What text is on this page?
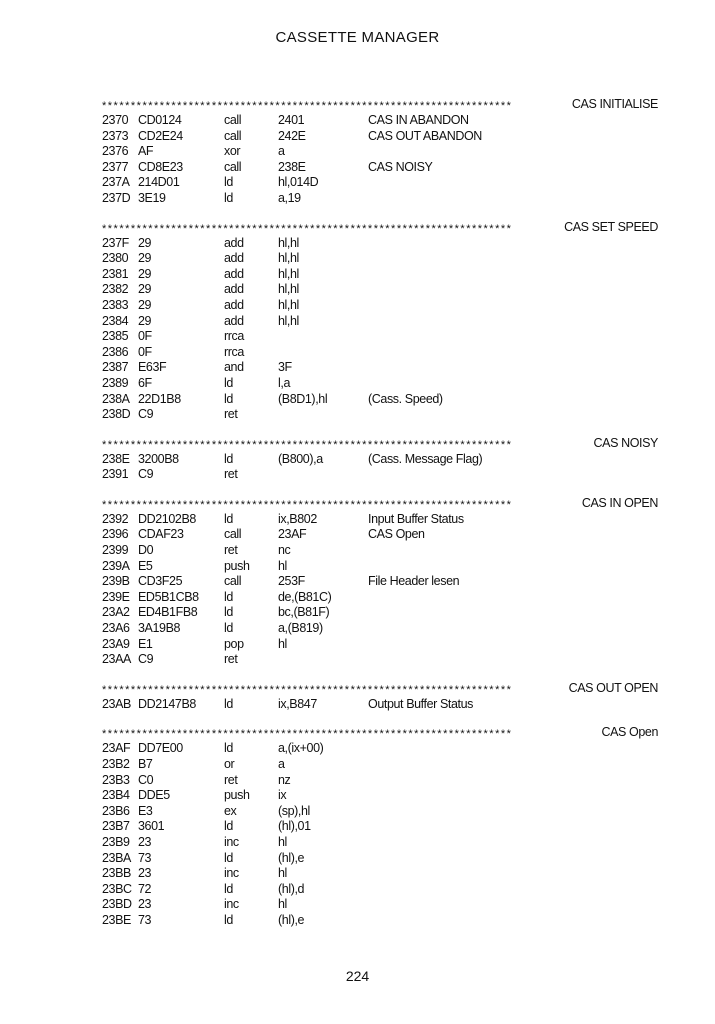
CASSETTE MANAGER
***********************************************************************	CAS INITIALISE
2370 CD0124	call	2401	CAS IN ABANDON
2373 CD2E24	call	242E	CAS OUT ABANDON
2376 AF	xor	a
2377 CD8E23	call	238E	CAS NOISY
237A 214D01	ld	hl,014D
237D 3E19	ld	a,19
***********************************************************************	CAS SET SPEED
237F 29	add	hl,hl
2380 29	add	hl,hl
2381 29	add	hl,hl
2382 29	add	hl,hl
2383 29	add	hl,hl
2384 29	add	hl,hl
2385 0F	rrca
2386 0F	rrca
2387 E63F	and	3F
2389 6F	ld	l,a
238A 22D1B8	ld	(B8D1),hl	(Cass. Speed)
238D C9	ret
***********************************************************************	CAS NOISY
238E 3200B8	ld	(B800),a	(Cass. Message Flag)
2391 C9	ret
***********************************************************************	CAS IN OPEN
2392 DD2102B8	ld	ix,B802	Input Buffer Status
2396 CDAF23	call	23AF	CAS Open
2399 D0	ret	nc
239A E5	push	hl
239B CD3F25	call	253F	File Header lesen
239E ED5B1CB8	ld	de,(B81C)
23A2 ED4B1FB8	ld	bc,(B81F)
23A6 3A19B8	ld	a,(B819)
23A9 E1	pop	hl
23AA C9	ret
***********************************************************************	CAS OUT OPEN
23AB DD2147B8	ld	ix,B847	Output Buffer Status
***********************************************************************	CAS Open
23AF DD7E00	ld	a,(ix+00)
23B2 B7	or	a
23B3 C0	ret	nz
23B4 DDE5	push	ix
23B6 E3	ex	(sp),hl
23B7 3601	ld	(hl),01
23B9 23	inc	hl
23BA 73	ld	(hl),e
23BB 23	inc	hl
23BC 72	ld	(hl),d
23BD 23	inc	hl
23BE 73	ld	(hl),e
224
